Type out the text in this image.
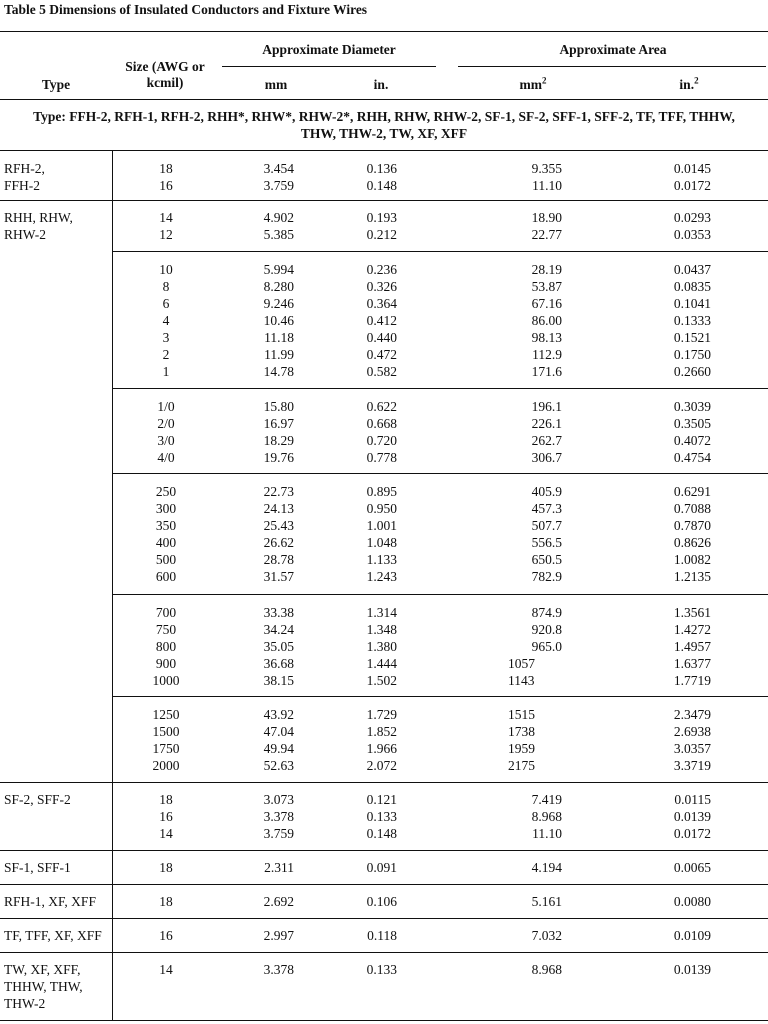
Table 5 Dimensions of Insulated Conductors and Fixture Wires
Type
Size (AWG or
kcmil)
Approximate Diameter	Approximate Area
mm	in.	$mm^2$	in.$^2$
Type: FFH-2, RFH-1, RFH-2, RHH*, RHW*, RHW-2*, RHH, RHW, RHW-2, SF-1, SF-2, SFF-1, SFF-2, TF, TFF, THHW,
THW, THW-2, TW, XF, XFF
RFH-2,
FFH-2
18	3.454	0.136	9.355	0.0145
16	3.759	0.148	11.10	0.0172
RHH, RHW,
RHW-2
14	4.902	0.193	18.90	0.0293
12	5.385	0.212	22.77	0.0353
10	5.994	0.236	28.19	0.0437
8	8.280	0.326	53.87	0.0835
6	9.246	0.364	67.16	0.1041
4	10.46	0.412	86.00	0.1333
3	11.18	0.440	98.13	0.1521
2	11.99	0.472	112.9	0.1750
1	14.78	0.582	171.6	0.2660
1/0	15.80	0.622	196.1	0.3039
2/0	16.97	0.668	226.1	0.3505
3/0	18.29	0.720	262.7	0.4072
4/0	19.76	0.778	306.7	0.4754
250	22.73	0.895	405.9	0.6291
300	24.13	0.950	457.3	0.7088
350	25.43	1.001	507.7	0.7870
400	26.62	1.048	556.5	0.8626
500	28.78	1.133	650.5	1.0082
600	31.57	1.243	782.9	1.2135
700	33.38	1.314	874.9	1.3561
750	34.24	1.348	920.8	1.4272
800	35.05	1.380	965.0	1.4957
900	36.68	1.444	1057	1.6377
1000	38.15	1.502	1143	1.7719
1250	43.92	1.729	1515	2.3479
1500	47.04	1.852	1738	2.6938
1750	49.94	1.966	1959	3.0357
2000	52.63	2.072	2175	3.3719
SF-2, SFF-2	18	3.073	0.121	7.419	0.0115
16	3.378	0.133	8.968	0.0139
14	3.759	0.148	11.10	0.0172
SF-1, SFF-1	18	2.311	0.091	4.194	0.0065
RFH-1, XF, XFF	18	2.692	0.106	5.161	0.0080
TF, TFF, XF, XFF	16	2.997	0.118	7.032	0.0109
TW, XF, XFF,
THHW, THW,
THW-2
14	3.378	0.133	8.968	0.0139
